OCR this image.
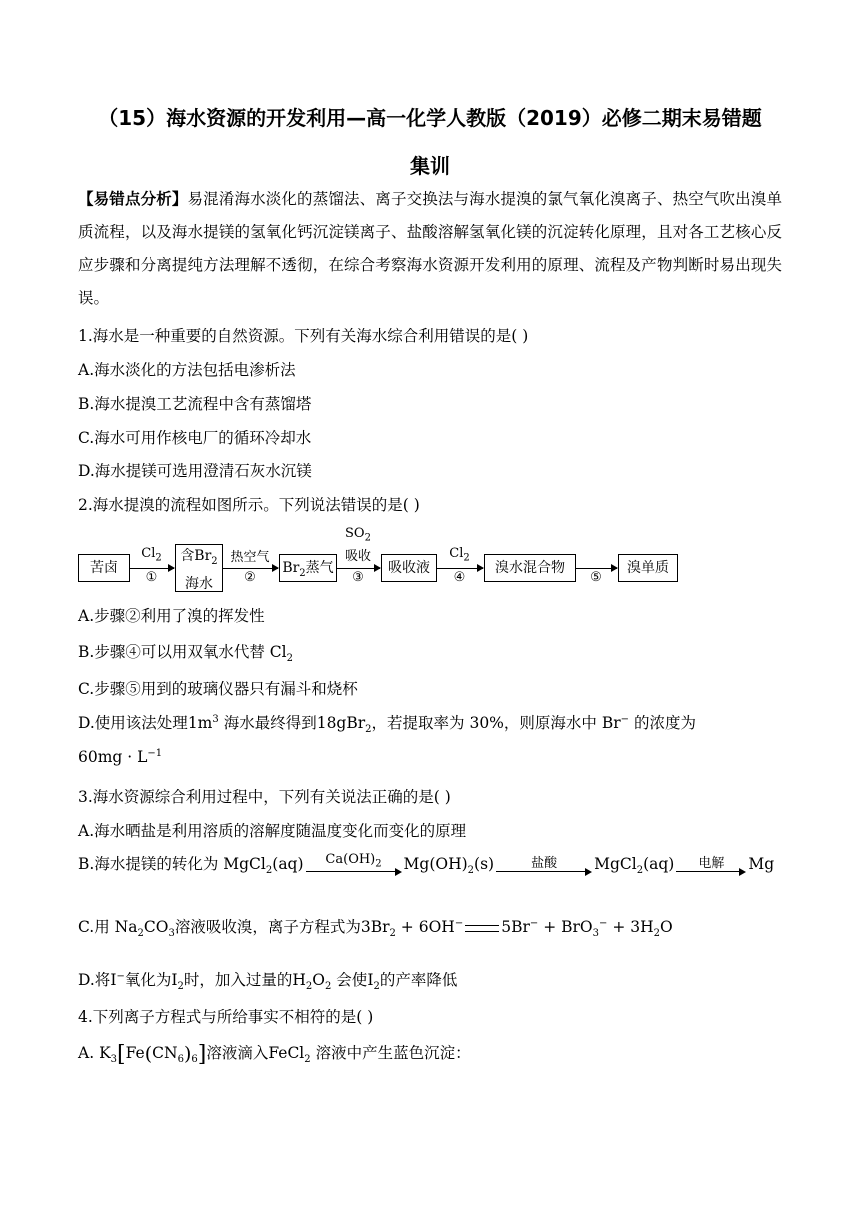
（15）海水资源的开发利用—高一化学人教版（2019）必修二期末易错题
集训
【易错点分析】易混淆海水淡化的蒸馏法、离子交换法与海水提溴的氯气氧化溴离子、热空气吹出溴单质流程，以及海水提镁的氢氧化钙沉淀镁离子、盐酸溶解氢氧化镁的沉淀转化原理，且对各工艺核心反应步骤和分离提纯方法理解不透彻，在综合考察海水资源开发利用的原理、流程及产物判断时易出现失误。
1.海水是一种重要的自然资源。下列有关海水综合利用错误的是( )
A.海水淡化的方法包括电渗析法
B.海水提溴工艺流程中含有蒸馏塔
C.海水可用作核电厂的循环冷却水
D.海水提镁可选用澄清石灰水沉镁
2.海水提溴的流程如图所示。下列说法错误的是( )
苦卤
$Cl_2$
①
含$Br_2$
海水
热空气
②
$Br_2$蒸气
$SO_2$
吸收
③
吸收液
$Cl_2$
④
溴水混合物
⑤
溴单质
A.步骤②利用了溴的挥发性
B.步骤④可以用双氧水代替 $Cl_2$
C.步骤⑤用到的玻璃仪器只有漏斗和烧杯
D.使用该法处理$1m^3$ 海水最终得到18gBr$_2$，若提取率为 30%，则原海水中 Br− 的浓度为
$60mg \cdot L^{-1}$
3.海水资源综合利用过程中，下列有关说法正确的是( )
A.海水晒盐是利用溶质的溶解度随温度变化而变化的原理
B.海水提镁的转化为 MgCl$_2$(aq)	$Ca(OH)_2$	$Mg(OH)_2(s)$	盐酸	MgCl$_2$(aq)	电解	Mg
C.用 $Na_2CO_3$溶液吸收溴，离子方程式为$3Br_2 + 6OH^-$ $5Br^- + BrO_3^- + 3H_2O$
D.将I−氧化为$I_2$时，加入过量的$H_2O_2$ 会使$I_2$的产率降低
4.下列离子方程式与所给事实不相符的是( )
A. $K_3[Fe(CN_6)_6]$溶液滴入FeCl$_2$ 溶液中产生蓝色沉淀：
